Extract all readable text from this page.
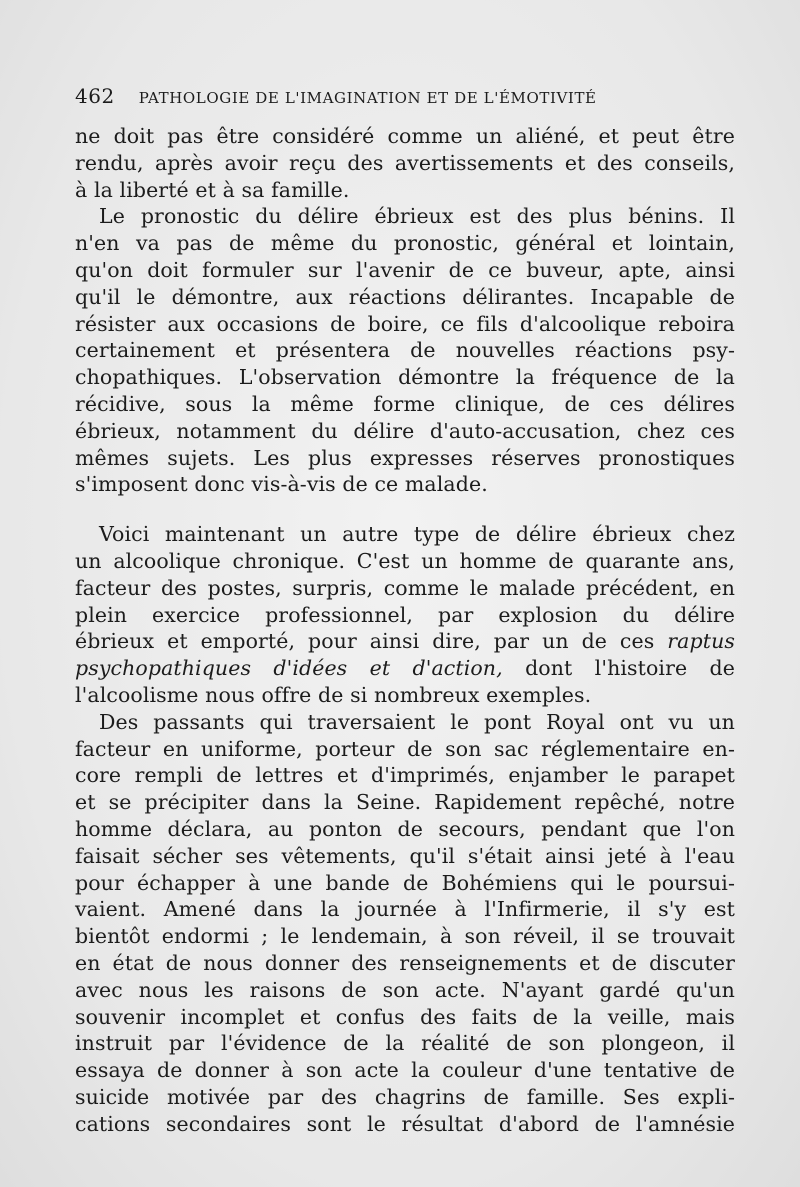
462 PATHOLOGIE DE L'IMAGINATION ET DE L'ÉMOTIVITÉ
ne doit pas être considéré comme un aliéné, et peut être
rendu, après avoir reçu des avertissements et des conseils,
à la liberté et à sa famille.
Le pronostic du délire ébrieux est des plus bénins. Il
n'en va pas de même du pronostic, général et lointain,
qu'on doit formuler sur l'avenir de ce buveur, apte, ainsi
qu'il le démontre, aux réactions délirantes. Incapable de
résister aux occasions de boire, ce fils d'alcoolique reboira
certainement et présentera de nouvelles réactions psy-
chopathiques. L'observation démontre la fréquence de la
récidive, sous la même forme clinique, de ces délires
ébrieux, notamment du délire d'auto-accusation, chez ces
mêmes sujets. Les plus expresses réserves pronostiques
s'imposent donc vis-à-vis de ce malade.
Voici maintenant un autre type de délire ébrieux chez
un alcoolique chronique. C'est un homme de quarante ans,
facteur des postes, surpris, comme le malade précédent, en
plein exercice professionnel, par explosion du délire
ébrieux et emporté, pour ainsi dire, par un de ces raptus
psychopathiques d'idées et d'action, dont l'histoire de
l'alcoolisme nous offre de si nombreux exemples.
Des passants qui traversaient le pont Royal ont vu un
facteur en uniforme, porteur de son sac réglementaire en-
core rempli de lettres et d'imprimés, enjamber le parapet
et se précipiter dans la Seine. Rapidement repêché, notre
homme déclara, au ponton de secours, pendant que l'on
faisait sécher ses vêtements, qu'il s'était ainsi jeté à l'eau
pour échapper à une bande de Bohémiens qui le poursui-
vaient. Amené dans la journée à l'Infirmerie, il s'y est
bientôt endormi ; le lendemain, à son réveil, il se trouvait
en état de nous donner des renseignements et de discuter
avec nous les raisons de son acte. N'ayant gardé qu'un
souvenir incomplet et confus des faits de la veille, mais
instruit par l'évidence de la réalité de son plongeon, il
essaya de donner à son acte la couleur d'une tentative de
suicide motivée par des chagrins de famille. Ses expli-
cations secondaires sont le résultat d'abord de l'amnésie
